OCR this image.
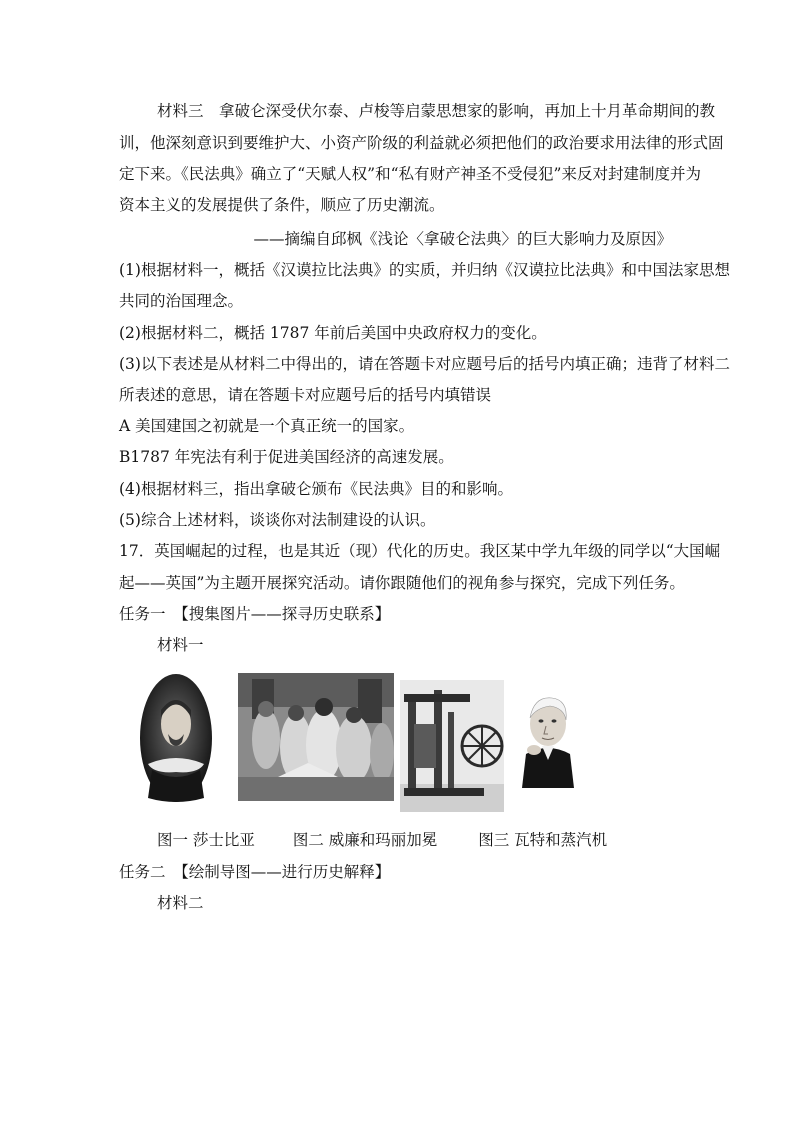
材料三　拿破仑深受伏尔泰、卢梭等启蒙思想家的影响，再加上十月革命期间的教
训，他深刻意识到要维护大、小资产阶级的利益就必须把他们的政治要求用法律的形式固
定下来。《民法典》确立了“天赋人权”和“私有财产神圣不受侵犯”来反对封建制度并为
资本主义的发展提供了条件，顺应了历史潮流。
——摘编自邱枫《浅论〈拿破仑法典〉的巨大影响力及原因》
(1)根据材料一，概括《汉谟拉比法典》的实质，并归纳《汉谟拉比法典》和中国法家思想
共同的治国理念。
(2)根据材料二，概括 1787 年前后美国中央政府权力的变化。
(3)以下表述是从材料二中得出的，请在答题卡对应题号后的括号内填正确；违背了材料二
所表述的意思，请在答题卡对应题号后的括号内填错误
A 美国建国之初就是一个真正统一的国家。
B1787 年宪法有利于促进美国经济的高速发展。
(4)根据材料三，指出拿破仑颁布《民法典》目的和影响。
(5)综合上述材料，谈谈你对法制建设的认识。
17．英国崛起的过程，也是其近（现）代化的历史。我区某中学九年级的同学以“大国崛
起——英国”为主题开展探究活动。请你跟随他们的视角参与探究，完成下列任务。
任务一　【搜集图片——探寻历史联系】
材料一
图一 莎士比亚 图二 威廉和玛丽加冕	图三 瓦特和蒸汽机
任务二　【绘制导图——进行历史解释】
材料二
